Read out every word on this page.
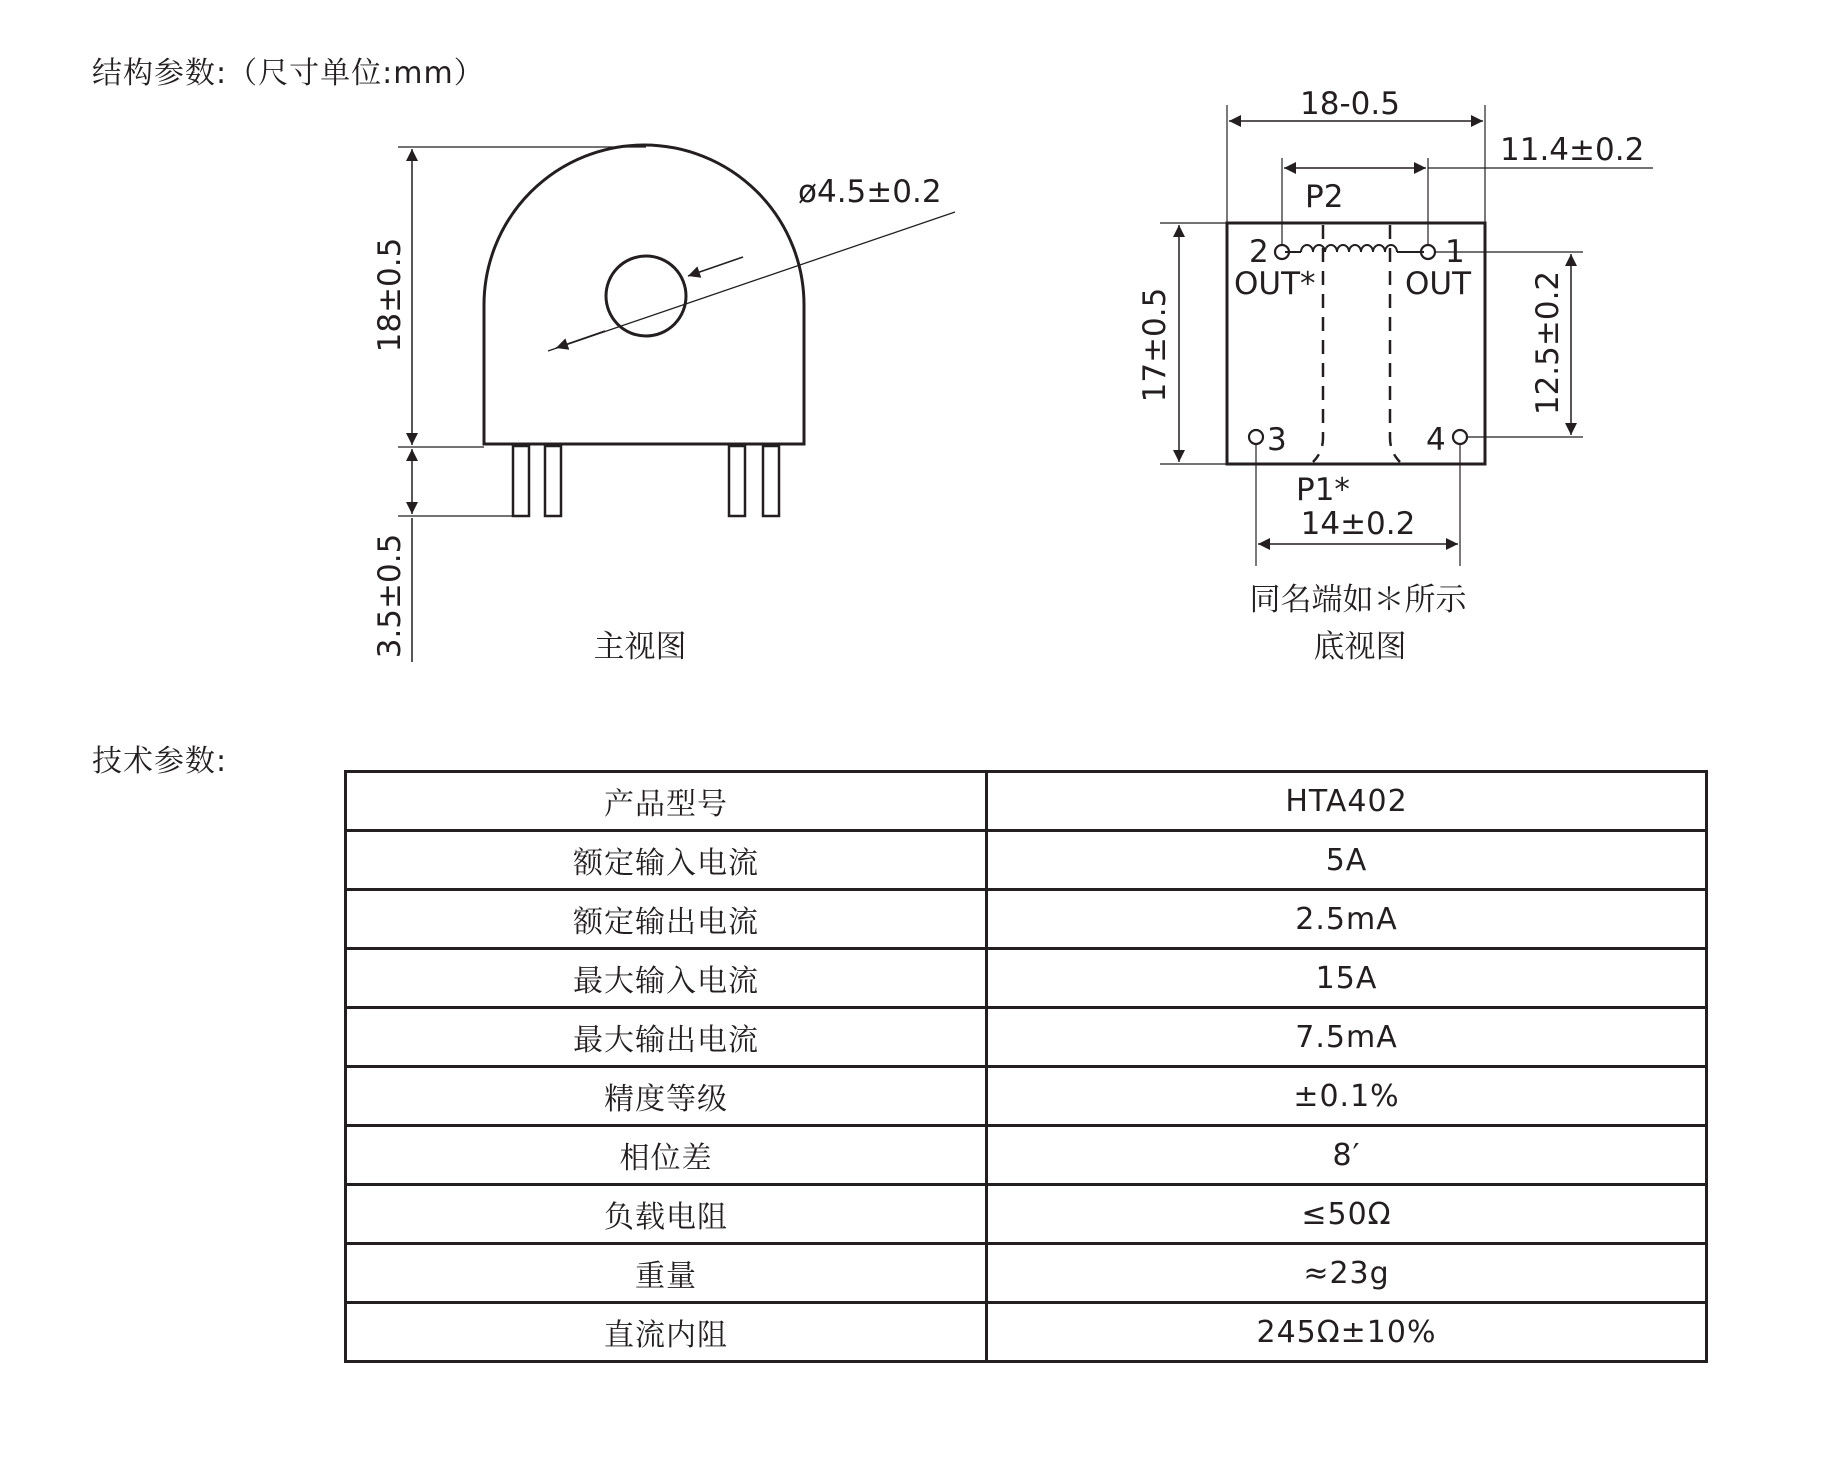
结构参数:（尺寸单位:mm）
18±0.5
3.5±0.5
ø4.5±0.2
主视图
18-0.5
11.4±0.2
P2
2	1
OUT*	OUT
3	4
17±0.5	12.5±0.2
P1*
14±0.2
同名端如＊所示
底视图
技术参数:
产品型号	HTA402
额定输入电流	5A
额定输出电流	2.5mA
最大输入电流	15A
最大输出电流	7.5mA
精度等级	±0.1%
相位差	8′
负载电阻	≤50Ω
重量	≈23g
直流内阻	245Ω±10%
